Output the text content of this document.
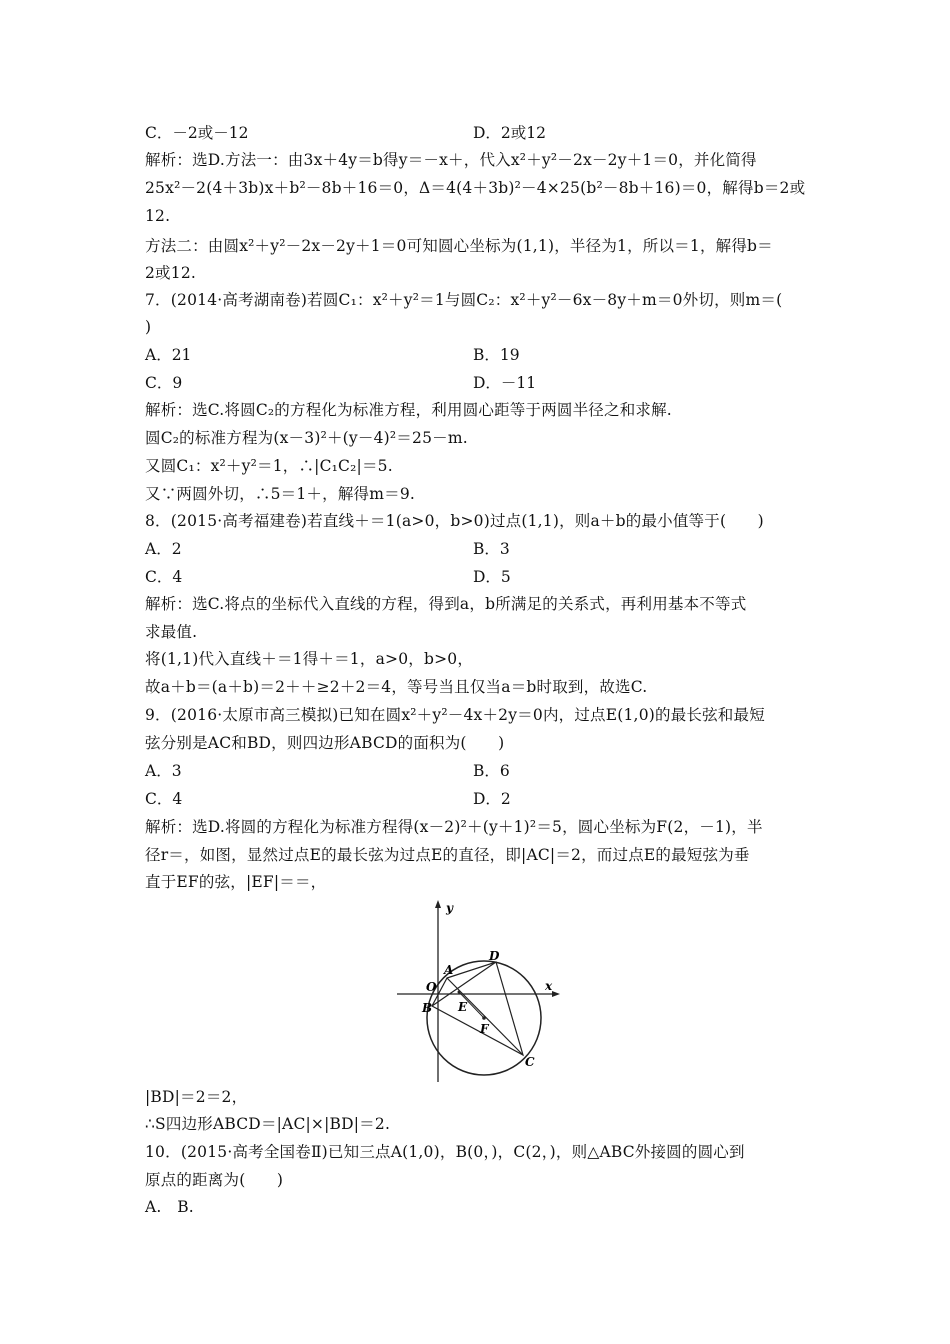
C．－2或－12	D．2或12
解析：选D.方法一：由3x＋4y＝b得y＝－x＋，代入x²＋y²－2x－2y＋1＝0，并化简得
25x²－2(4＋3b)x＋b²－8b＋16＝0，Δ＝4(4＋3b)²－4×25(b²－8b＋16)＝0，解得b＝2或
12.
方法二：由圆x²＋y²－2x－2y＋1＝0可知圆心坐标为(1,1)，半径为1，所以＝1，解得b＝
2或12.
7．(2014·高考湖南卷)若圆C₁：x²＋y²＝1与圆C₂：x²＋y²－6x－8y＋m＝0外切，则m＝(
)
A．21	B．19
C．9	D．－11
解析：选C.将圆C₂的方程化为标准方程，利用圆心距等于两圆半径之和求解.
圆C₂的标准方程为(x－3)²＋(y－4)²＝25－m.
又圆C₁：x²＋y²＝1，∴|C₁C₂|＝5.
又∵两圆外切，∴5＝1＋，解得m＝9.
8．(2015·高考福建卷)若直线＋＝1(a>0，b>0)过点(1,1)，则a＋b的最小值等于(　　)
A．2	B．3
C．4	D．5
解析：选C.将点的坐标代入直线的方程，得到a，b所满足的关系式，再利用基本不等式
求最值.
将(1,1)代入直线＋＝1得＋＝1，a>0，b>0，
故a＋b＝(a＋b)＝2＋＋≥2＋2＝4，等号当且仅当a＝b时取到，故选C.
9．(2016·太原市高三模拟)已知在圆x²＋y²－4x＋2y＝0内，过点E(1,0)的最长弦和最短
弦分别是AC和BD，则四边形ABCD的面积为(　　)
A．3	B．6
C．4	D．2
解析：选D.将圆的方程化为标准方程得(x－2)²＋(y＋1)²＝5，圆心坐标为F(2，－1)，半
径r＝，如图，显然过点E的最长弦为过点E的直径，即|AC|＝2，而过点E的最短弦为垂
直于EF的弦，|EF|＝＝，
y
x
O
A
D
E
B
F
C
|BD|＝2＝2，
∴S四边形ABCD＝|AC|×|BD|＝2.
10．(2015·高考全国卷Ⅱ)已知三点A(1,0)，B(0，)，C(2，)，则△ABC外接圆的圆心到
原点的距离为(　　)
A.　B.
